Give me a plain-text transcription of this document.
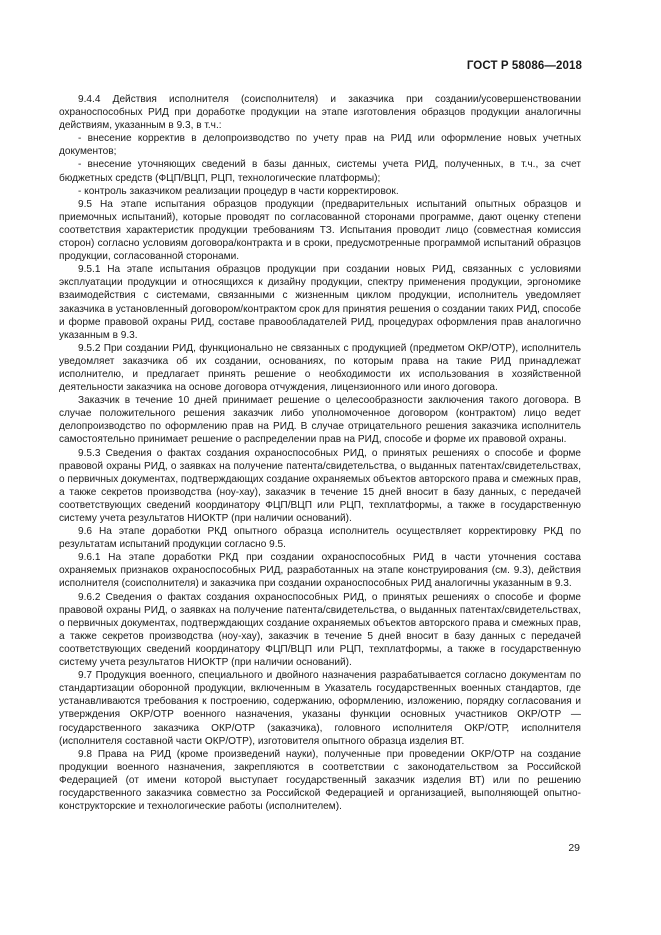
ГОСТ Р 58086—2018

9.4.4 Действия исполнителя (соисполнителя) и заказчика при создании/усовершенствовании охраноспособных РИД при доработке продукции на этапе изготовления образцов продукции аналогичны действиям, указанным в 9.3, в т.ч.:

- внесение корректив в делопроизводство по учету прав на РИД или оформление новых учетных документов;

- внесение уточняющих сведений в базы данных, системы учета РИД, полученных, в т.ч., за счет бюджетных средств (ФЦП/ВЦП, РЦП, технологические платформы);

- контроль заказчиком реализации процедур в части корректировок.

9.5 На этапе испытания образцов продукции (предварительных испытаний опытных образцов и приемочных испытаний), которые проводят по согласованной сторонами программе, дают оценку степени соответствия характеристик продукции требованиям ТЗ. Испытания проводит лицо (совместная комиссия сторон) согласно условиям договора/контракта и в сроки, предусмотренные программой испытаний образцов продукции, согласованной сторонами.

9.5.1 На этапе испытания образцов продукции при создании новых РИД, связанных с условиями эксплуатации продукции и относящихся к дизайну продукции, спектру применения продукции, эргономике взаимодействия с системами, связанными с жизненным циклом продукции, исполнитель уведомляет заказчика в установленный договором/контрактом срок для принятия решения о создании таких РИД, способе и форме правовой охраны РИД, составе правообладателей РИД, процедурах оформления прав аналогично указанным в 9.3.

9.5.2 При создании РИД, функционально не связанных с продукцией (предметом ОКР/ОТР), исполнитель уведомляет заказчика об их создании, основаниях, по которым права на такие РИД принадлежат исполнителю, и предлагает принять решение о необходимости их использования в хозяйственной деятельности заказчика на основе договора отчуждения, лицензионного или иного договора.

Заказчик в течение 10 дней принимает решение о целесообразности заключения такого договора. В случае положительного решения заказчик либо уполномоченное договором (контрактом) лицо ведет делопроизводство по оформлению прав на РИД. В случае отрицательного решения заказчика исполнитель самостоятельно принимает решение о распределении прав на РИД, способе и форме их правовой охраны.

9.5.3 Сведения о фактах создания охраноспособных РИД, о принятых решениях о способе и форме правовой охраны РИД, о заявках на получение патента/свидетельства, о выданных патентах/свидетельствах, о первичных документах, подтверждающих создание охраняемых объектов авторского права и смежных прав, а также секретов производства (ноу-хау), заказчик в течение 15 дней вносит в базу данных, с передачей соответствующих сведений координатору ФЦП/ВЦП или РЦП, техплатформы, а также в государственную систему учета результатов НИОКТР (при наличии оснований).

9.6 На этапе доработки РКД опытного образца исполнитель осуществляет корректировку РКД по результатам испытаний продукции согласно 9.5.

9.6.1 На этапе доработки РКД при создании охраноспособных РИД в части уточнения состава охраняемых признаков охраноспособных РИД, разработанных на этапе конструирования (см. 9.3), действия исполнителя (соисполнителя) и заказчика при создании охраноспособных РИД аналогичны указанным в 9.3.

9.6.2 Сведения о фактах создания охраноспособных РИД, о принятых решениях о способе и форме правовой охраны РИД, о заявках на получение патента/свидетельства, о выданных патентах/свидетельствах, о первичных документах, подтверждающих создание охраняемых объектов авторского права и смежных прав, а также секретов производства (ноу-хау), заказчик в течение 5 дней вносит в базу данных с передачей соответствующих сведений координатору ФЦП/ВЦП или РЦП, техплатформы, а также в государственную систему учета результатов НИОКТР (при наличии оснований).

9.7 Продукция военного, специального и двойного назначения разрабатывается согласно документам по стандартизации оборонной продукции, включенным в Указатель государственных военных стандартов, где устанавливаются требования к построению, содержанию, оформлению, изложению, порядку согласования и утверждения ОКР/ОТР военного назначения, указаны функции основных участников ОКР/ОТР — государственного заказчика ОКР/ОТР (заказчика), головного исполнителя ОКР/ОТР, исполнителя (исполнителя составной части ОКР/ОТР), изготовителя опытного образца изделия ВТ.

9.8 Права на РИД (кроме произведений науки), полученные при проведении ОКР/ОТР на создание продукции военного назначения, закрепляются в соответствии с законодательством за Российской Федерацией (от имени которой выступает государственный заказчик изделия ВТ) или по решению государственного заказчика совместно за Российской Федерацией и организацией, выполняющей опытно-конструкторские и технологические работы (исполнителем).

29
